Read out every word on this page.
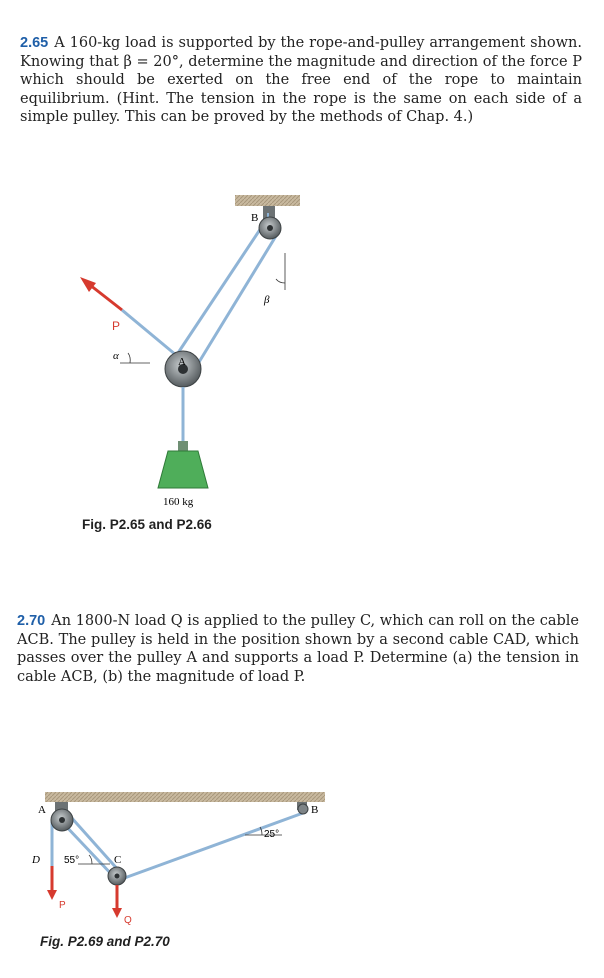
2.65 A 160-kg load is supported by the rope-and-pulley arrangement shown. Knowing that β = 20°, determine the magnitude and direction of the force P which should be exerted on the free end of the rope to maintain equilibrium. (Hint. The tension in the rope is the same on each side of a simple pulley. This can be proved by the methods of Chap. 4.)
P
α
B
β
A
160 kg
Fig. P2.65 and P2.66
2.70 An 1800-N load Q is applied to the pulley C, which can roll on the cable ACB. The pulley is held in the position shown by a second cable CAD, which passes over the pulley A and supports a load P. Determine (a) the tension in cable ACB, (b) the magnitude of load P.
A	B
25°
55°
D	C
P
Q
Fig. P2.69 and P2.70
